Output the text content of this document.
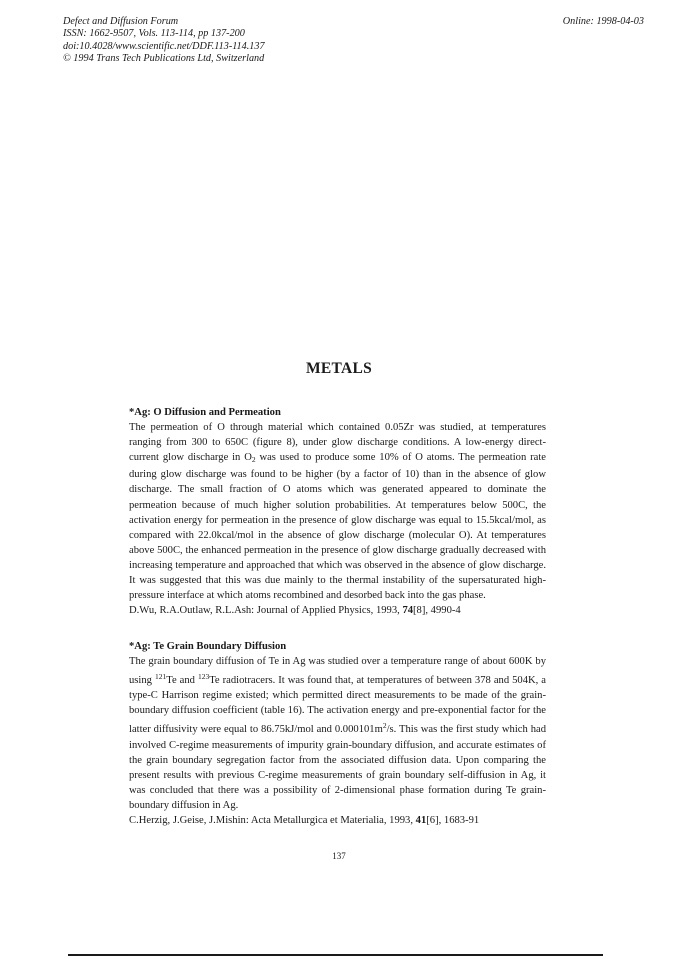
Defect and Diffusion Forum
ISSN: 1662-9507, Vols. 113-114, pp 137-200
doi:10.4028/www.scientific.net/DDF.113-114.137
© 1994 Trans Tech Publications Ltd, Switzerland
Online: 1998-04-03
METALS
*Ag: O Diffusion and Permeation
The permeation of O through material which contained 0.05Zr was studied, at temperatures ranging from 300 to 650C (figure 8), under glow discharge conditions. A low-energy direct-current glow discharge in $O_2$ was used to produce some 10% of O atoms. The permeation rate during glow discharge was found to be higher (by a factor of 10) than in the absence of glow discharge. The small fraction of O atoms which was generated appeared to dominate the permeation because of much higher solution probabilities. At temperatures below 500C, the activation energy for permeation in the presence of glow discharge was equal to 15.5kcal/mol, as compared with 22.0kcal/mol in the absence of glow discharge (molecular O). At temperatures above 500C, the enhanced permeation in the presence of glow discharge gradually decreased with increasing temperature and approached that which was observed in the absence of glow discharge. It was suggested that this was due mainly to the thermal instability of the supersaturated high-pressure interface at which atoms recombined and desorbed back into the gas phase.
D.Wu, R.A.Outlaw, R.L.Ash: Journal of Applied Physics, 1993, 74[8], 4990-4
*Ag: Te Grain Boundary Diffusion
The grain boundary diffusion of Te in Ag was studied over a temperature range of about 600K by using $^{121}$Te and $^{123}$Te radiotracers. It was found that, at temperatures of between 378 and 504K, a type-C Harrison regime existed; which permitted direct measurements to be made of the grain-boundary diffusion coefficient (table 16). The activation energy and pre-exponential factor for the latter diffusivity were equal to 86.75kJ/mol and $0.000101m^2/s$. This was the first study which had involved C-regime measurements of impurity grain-boundary diffusion, and accurate estimates of the grain boundary segregation factor from the associated diffusion data. Upon comparing the present results with previous C-regime measurements of grain boundary self-diffusion in Ag, it was concluded that there was a possibility of 2-dimensional phase formation during Te grain-boundary diffusion in Ag.
C.Herzig, J.Geise, J.Mishin: Acta Metallurgica et Materialia, 1993, 41[6], 1683-91
137
